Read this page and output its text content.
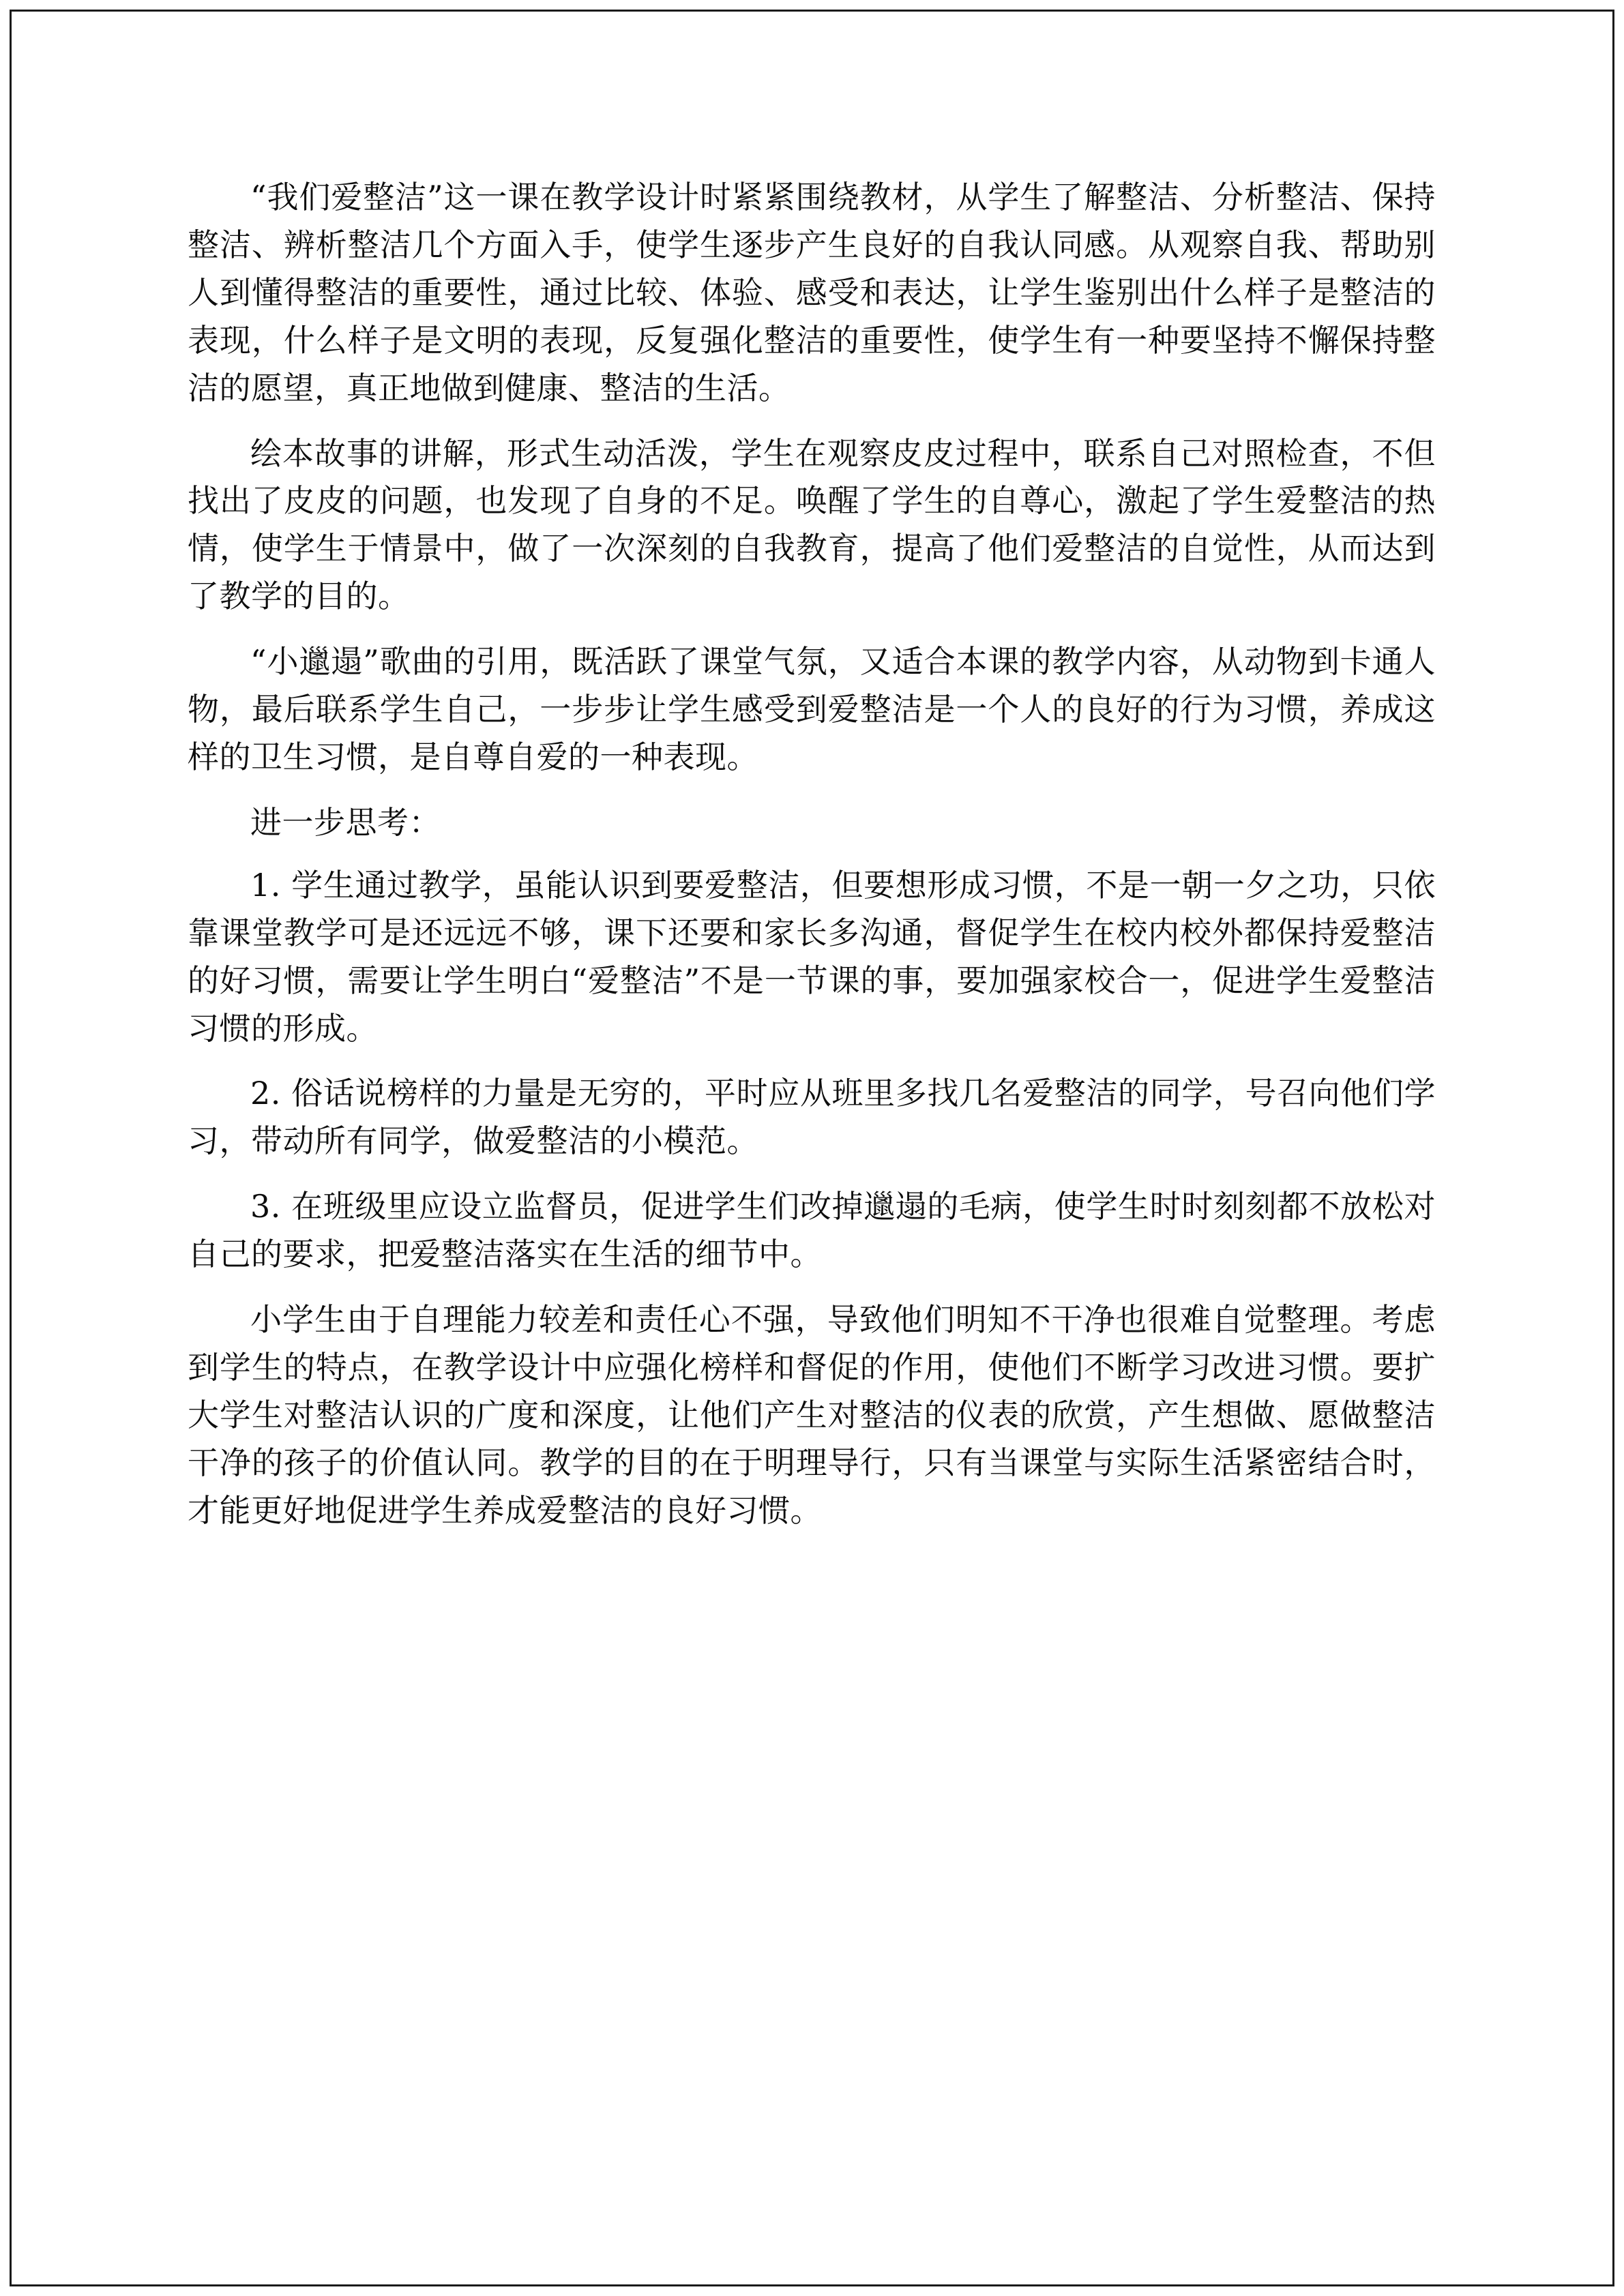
“我们爱整洁”这一课在教学设计时紧紧围绕教材，从学生了解整洁、分析整洁、保持整洁、辨析整洁几个方面入手，使学生逐步产生良好的自我认同感。从观察自我、帮助别人到懂得整洁的重要性，通过比较、体验、感受和表达，让学生鉴别出什么样子是整洁的表现，什么样子是文明的表现，反复强化整洁的重要性，使学生有一种要坚持不懈保持整洁的愿望，真正地做到健康、整洁的生活。

绘本故事的讲解，形式生动活泼，学生在观察皮皮过程中，联系自己对照检查，不但找出了皮皮的问题，也发现了自身的不足。唤醒了学生的自尊心，激起了学生爱整洁的热情，使学生于情景中，做了一次深刻的自我教育，提高了他们爱整洁的自觉性，从而达到了教学的目的。

“小邋遢”歌曲的引用，既活跃了课堂气氛，又适合本课的教学内容，从动物到卡通人物，最后联系学生自己，一步步让学生感受到爱整洁是一个人的良好的行为习惯，养成这样的卫生习惯，是自尊自爱的一种表现。

进一步思考：

1. 学生通过教学，虽能认识到要爱整洁，但要想形成习惯，不是一朝一夕之功，只依靠课堂教学可是还远远不够，课下还要和家长多沟通，督促学生在校内校外都保持爱整洁的好习惯，需要让学生明白“爱整洁”不是一节课的事，要加强家校合一，促进学生爱整洁习惯的形成。

2. 俗话说榜样的力量是无穷的，平时应从班里多找几名爱整洁的同学，号召向他们学习，带动所有同学，做爱整洁的小模范。

3. 在班级里应设立监督员，促进学生们改掉邋遢的毛病，使学生时时刻刻都不放松对自己的要求，把爱整洁落实在生活的细节中。

小学生由于自理能力较差和责任心不强，导致他们明知不干净也很难自觉整理。考虑到学生的特点，在教学设计中应强化榜样和督促的作用，使他们不断学习改进习惯。要扩大学生对整洁认识的广度和深度，让他们产生对整洁的仪表的欣赏，产生想做、愿做整洁干净的孩子的价值认同。教学的目的在于明理导行，只有当课堂与实际生活紧密结合时，才能更好地促进学生养成爱整洁的良好习惯。
